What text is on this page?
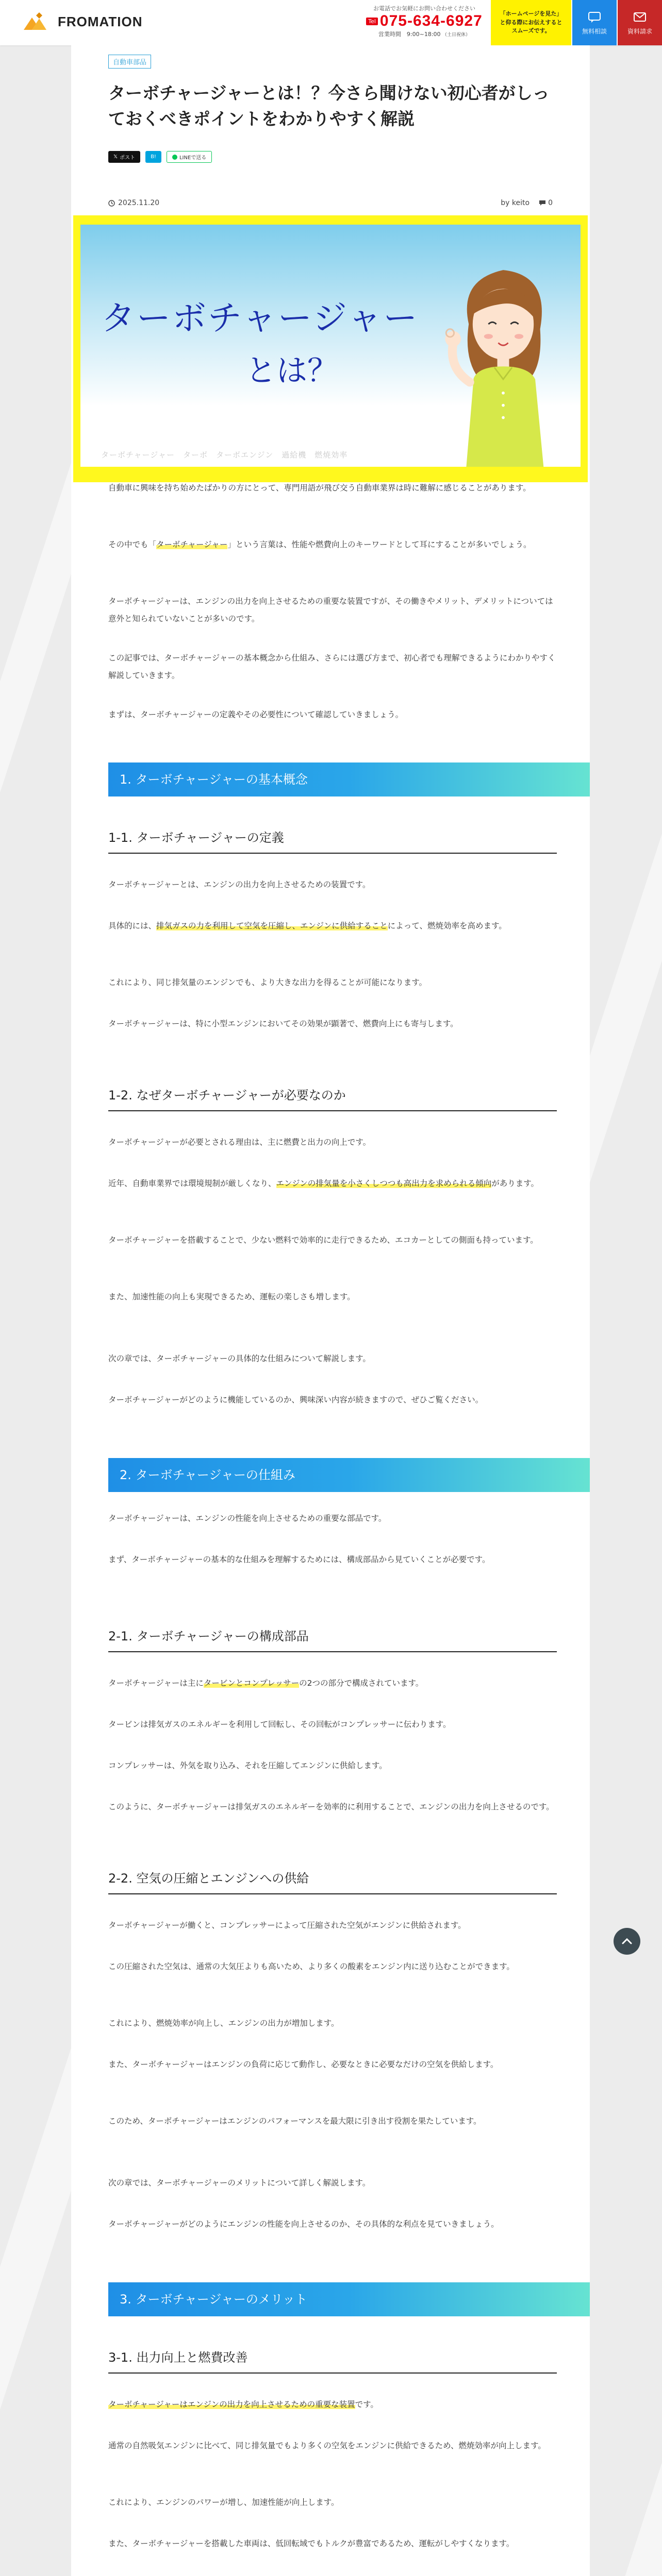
FROMATION
お電話でお気軽にお問い合わせください
Tel 075-634-6927
営業時間　9:00~18:00 （土日祝休）
「ホームページを見た」
と仰る際にお伝えすると
スムーズです。	無料相談	資料請求
自動車部品
ターボチャージャーとは！？今さら聞けない初心者がしっておくべきポイントをわかりやすく解説
𝕏 ポスト	B!	LINEで送る
2025.11.20	by keito	0
ターボチャージャー
とは？
ターボチャージャー　ターボ　ターボエンジン　過給機　燃焼効率

自動車に興味を持ち始めたばかりの方にとって、専門用語が飛び交う自動車業界は時に難解に感じることがあります。

その中でも「ターボチャージャー」という言葉は、性能や燃費向上のキーワードとして耳にすることが多いでしょう。

ターボチャージャーは、エンジンの出力を向上させるための重要な装置ですが、その働きやメリット、デメリットについては意外と知られていないことが多いのです。

この記事では、ターボチャージャーの基本概念から仕組み、さらには選び方まで、初心者でも理解できるようにわかりやすく解説していきます。

まずは、ターボチャージャーの定義やその必要性について確認していきましょう。

1. ターボチャージャーの基本概念
1-1. ターボチャージャーの定義

ターボチャージャーとは、エンジンの出力を向上させるための装置です。

具体的には、排気ガスの力を利用して空気を圧縮し、エンジンに供給することによって、燃焼効率を高めます。

これにより、同じ排気量のエンジンでも、より大きな出力を得ることが可能になります。

ターボチャージャーは、特に小型エンジンにおいてその効果が顕著で、燃費向上にも寄与します。

1-2. なぜターボチャージャーが必要なのか

ターボチャージャーが必要とされる理由は、主に燃費と出力の向上です。

近年、自動車業界では環境規制が厳しくなり、エンジンの排気量を小さくしつつも高出力を求められる傾向があります。

ターボチャージャーを搭載することで、少ない燃料で効率的に走行できるため、エコカーとしての側面も持っています。

また、加速性能の向上も実現できるため、運転の楽しさも増します。

次の章では、ターボチャージャーの具体的な仕組みについて解説します。

ターボチャージャーがどのように機能しているのか、興味深い内容が続きますので、ぜひご覧ください。

2. ターボチャージャーの仕組み

ターボチャージャーは、エンジンの性能を向上させるための重要な部品です。

まず、ターボチャージャーの基本的な仕組みを理解するためには、構成部品から見ていくことが必要です。

2-1. ターボチャージャーの構成部品

ターボチャージャーは主にタービンとコンプレッサーの2つの部分で構成されています。

タービンは排気ガスのエネルギーを利用して回転し、その回転がコンプレッサーに伝わります。

コンプレッサーは、外気を取り込み、それを圧縮してエンジンに供給します。

このように、ターボチャージャーは排気ガスのエネルギーを効率的に利用することで、エンジンの出力を向上させるのです。

2-2. 空気の圧縮とエンジンへの供給

ターボチャージャーが働くと、コンプレッサーによって圧縮された空気がエンジンに供給されます。

この圧縮された空気は、通常の大気圧よりも高いため、より多くの酸素をエンジン内に送り込むことができます。

これにより、燃焼効率が向上し、エンジンの出力が増加します。

また、ターボチャージャーはエンジンの負荷に応じて動作し、必要なときに必要なだけの空気を供給します。

このため、ターボチャージャーはエンジンのパフォーマンスを最大限に引き出す役割を果たしています。

次の章では、ターボチャージャーのメリットについて詳しく解説します。

ターボチャージャーがどのようにエンジンの性能を向上させるのか、その具体的な利点を見ていきましょう。

3. ターボチャージャーのメリット
3-1. 出力向上と燃費改善

ターボチャージャーはエンジンの出力を向上させるための重要な装置です。

通常の自然吸気エンジンに比べて、同じ排気量でもより多くの空気をエンジンに供給できるため、燃焼効率が向上します。

これにより、エンジンのパワーが増し、加速性能が向上します。

また、ターボチャージャーを搭載した車両は、低回転域でもトルクが豊富であるため、運転がしやすくなります。
